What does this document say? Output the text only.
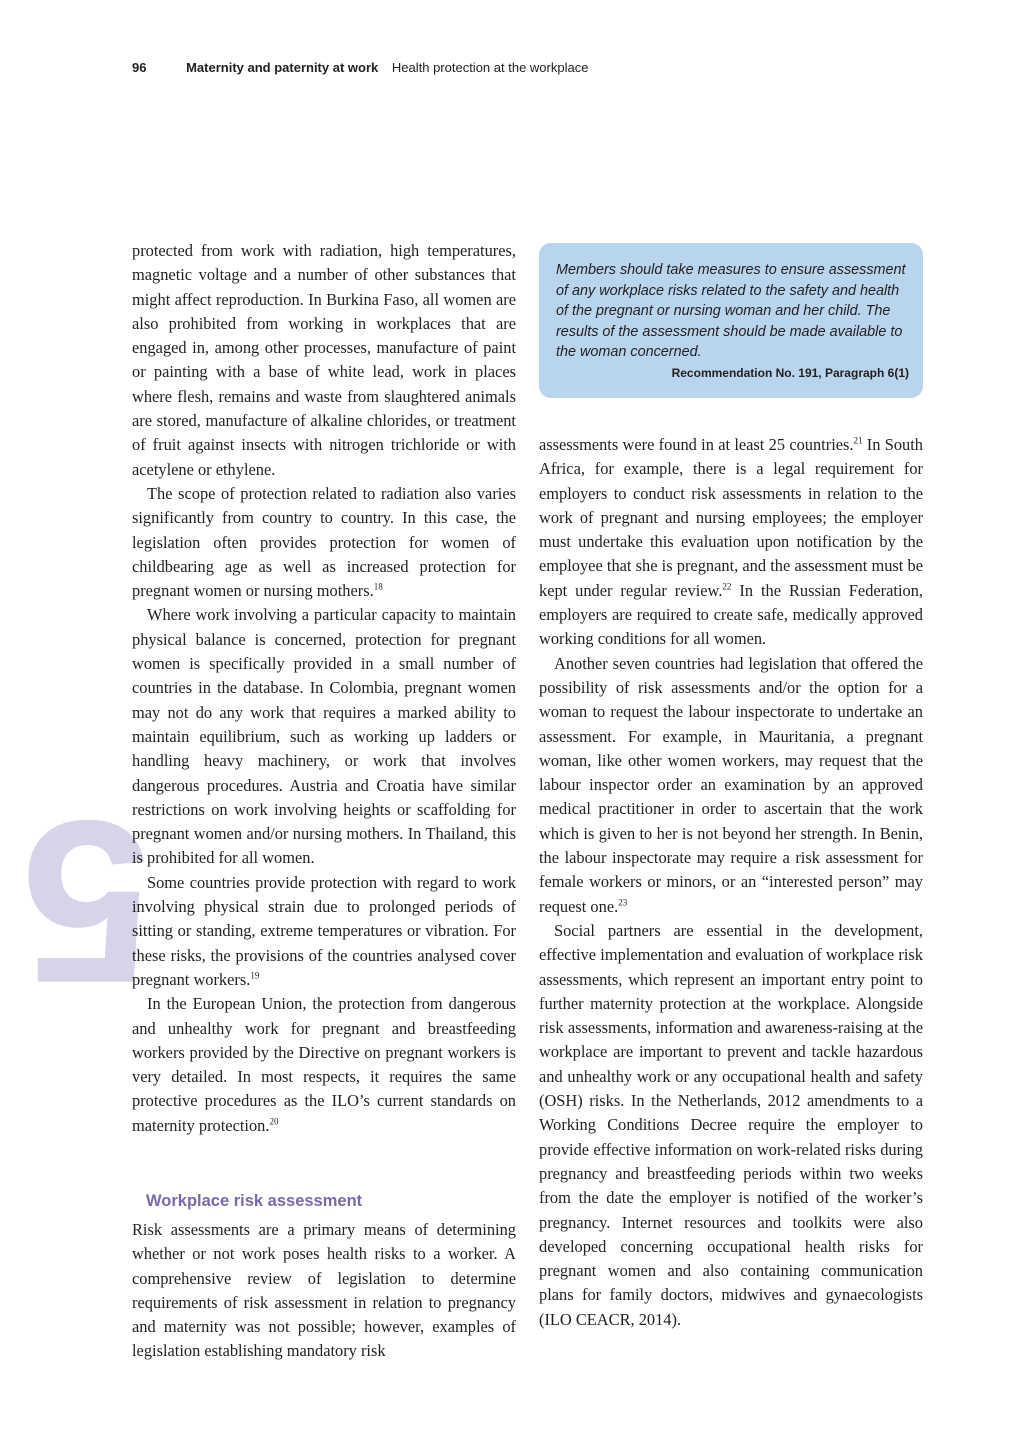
96	Maternity and paternity at work Health protection at the workplace
5

Members should take measures to ensure assessment of any workplace risks related to the safety and health of the pregnant or nursing woman and her child. The results of the assessment should be made available to the woman concerned.

Recommendation No. 191, Paragraph 6(1)

protected from work with radiation, high temperatures, magnetic voltage and a number of other substances that might affect reproduction. In Burkina Faso, all women are also prohibited from working in workplaces that are engaged in, among other processes, manufacture of paint or painting with a base of white lead, work in places where flesh, remains and waste from slaughtered animals are stored, manufacture of alkaline chlorides, or treatment of fruit against insects with nitrogen trichloride or with acetylene or ethylene.

The scope of protection related to radiation also varies significantly from country to country. In this case, the legislation often provides protection for women of childbearing age as well as increased protection for pregnant women or nursing mothers.$^{18}$

Where work involving a particular capacity to maintain physical balance is concerned, protection for pregnant women is specifically provided in a small number of countries in the database. In Colombia, pregnant women may not do any work that requires a marked ability to maintain equilibrium, such as working up ladders or handling heavy machinery, or work that involves dangerous procedures. Austria and Croatia have similar restrictions on work involving heights or scaffolding for pregnant women and/or nursing mothers. In Thailand, this is prohibited for all women.

Some countries provide protection with regard to work involving physical strain due to prolonged periods of sitting or standing, extreme temperatures or vibration. For these risks, the provisions of the countries analysed cover pregnant workers.$^{19}$

In the European Union, the protection from dangerous and unhealthy work for pregnant and breastfeeding workers provided by the Directive on pregnant workers is very detailed. In most respects, it requires the same protective procedures as the ILO’s current standards on maternity protection.$^{20}$

Workplace risk assessment

Risk assessments are a primary means of determining whether or not work poses health risks to a worker. A comprehensive review of legislation to determine requirements of risk assessment in relation to pregnancy and maternity was not possible; however, examples of legislation establishing mandatory risk

assessments were found in at least 25 countries.$^{21}$ In South Africa, for example, there is a legal requirement for employers to conduct risk assessments in relation to the work of pregnant and nursing employees; the employer must undertake this evaluation upon notification by the employee that she is pregnant, and the assessment must be kept under regular review.$^{22}$ In the Russian Federation, employers are required to create safe, medically approved working conditions for all women.

Another seven countries had legislation that offered the possibility of risk assessments and/or the option for a woman to request the labour inspectorate to undertake an assessment. For example, in Mauritania, a pregnant woman, like other women workers, may request that the labour inspector order an examination by an approved medical practitioner in order to ascertain that the work which is given to her is not beyond her strength. In Benin, the labour inspectorate may require a risk assessment for female workers or minors, or an “interested person” may request one.$^{23}$

Social partners are essential in the development, effective implementation and evaluation of workplace risk assessments, which represent an important entry point to further maternity protection at the workplace. Alongside risk assessments, information and awareness-raising at the workplace are important to prevent and tackle hazardous and unhealthy work or any occupational health and safety (OSH) risks. In the Netherlands, 2012 amendments to a Working Conditions Decree require the employer to provide effective information on work-related risks during pregnancy and breastfeeding periods within two weeks from the date the employer is notified of the worker’s pregnancy. Internet resources and toolkits were also developed concerning occupational health risks for pregnant women and also containing communication plans for family doctors, midwives and gynaecologists (ILO CEACR, 2014).
